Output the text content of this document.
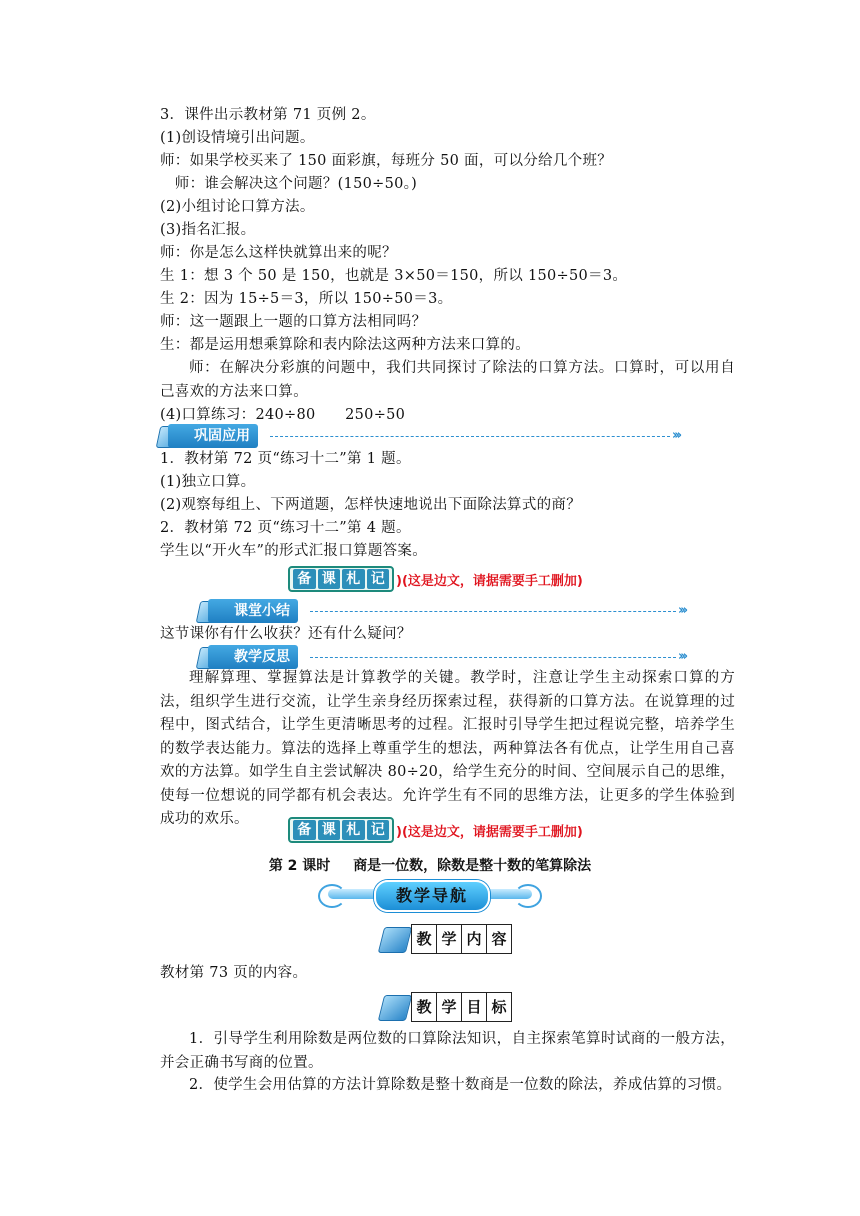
3．课件出示教材第 71 页例 2。
(1)创设情境引出问题。
师：如果学校买来了 150 面彩旗，每班分 50 面，可以分给几个班？
　师：谁会解决这个问题？(150÷50。)
(2)小组讨论口算方法。
(3)指名汇报。
师：你是怎么这样快就算出来的呢？
生 1：想 3 个 50 是 150，也就是 3×50＝150，所以 150÷50＝3。
生 2：因为 15÷5＝3，所以 150÷50＝3。
师：这一题跟上一题的口算方法相同吗？
生：都是运用想乘算除和表内除法这两种方法来口算的。
师：在解决分彩旗的问题中，我们共同探讨了除法的口算方法。口算时，可以用自己喜欢的方法来口算。
(4)口算练习：240÷80　　250÷50
巩固应用	›››
1．教材第 72 页“练习十二”第 1 题。
(1)独立口算。
(2)观察每组上、下两道题，怎样快速地说出下面除法算式的商？
2．教材第 72 页“练习十二”第 4 题。
学生以“开火车”的形式汇报口算题答案。
备 课 札 记 )(这是边文，请据需要手工删加)
课堂小结	›››
这节课你有什么收获？还有什么疑问？
教学反思	›››
理解算理、掌握算法是计算教学的关键。教学时，注意让学生主动探索口算的方法，组织学生进行交流，让学生亲身经历探索过程，获得新的口算方法。在说算理的过程中，图式结合，让学生更清晰思考的过程。汇报时引导学生把过程说完整，培养学生的数学表达能力。算法的选择上尊重学生的想法，两种算法各有优点，让学生用自己喜欢的方法算。如学生自主尝试解决 80÷20，给学生充分的时间、空间展示自己的思维，使每一位想说的同学都有机会表达。允许学生有不同的思维方法，让更多的学生体验到成功的欢乐。
备 课 札 记 )(这是边文，请据需要手工删加)
第 2 课时 商是一位数，除数是整十数的笔算除法
教学导航
教 学 内 容
教材第 73 页的内容。
教 学 目 标
1．引导学生利用除数是两位数的口算除法知识，自主探索笔算时试商的一般方法，并会正确书写商的位置。
2．使学生会用估算的方法计算除数是整十数商是一位数的除法，养成估算的习惯。
